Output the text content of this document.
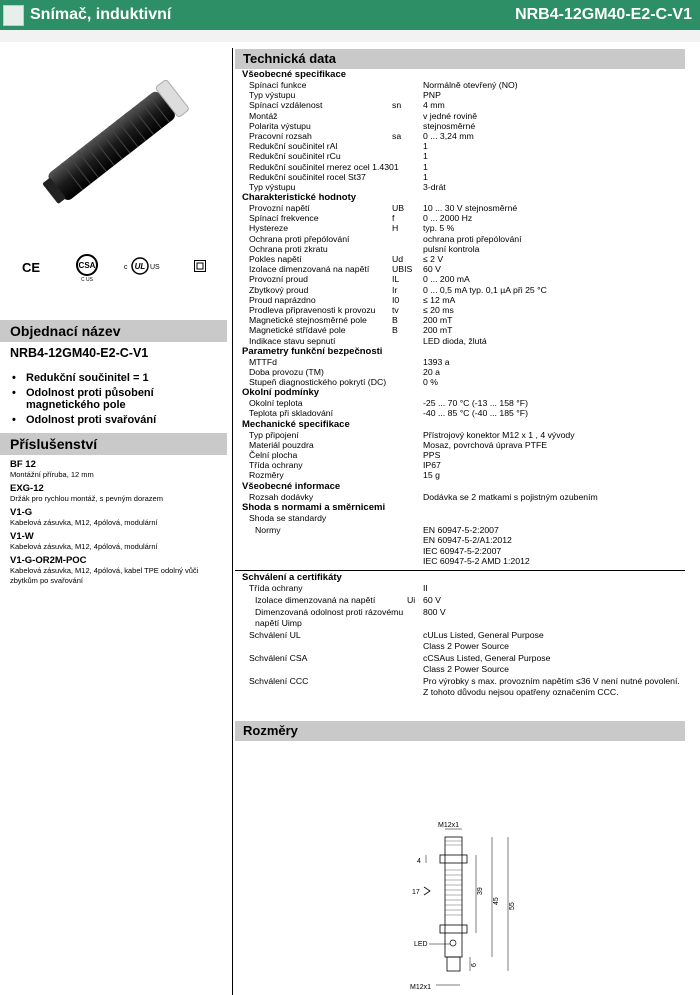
Snímač, induktivní	NRB4-12GM40-E2-C-V1
CE	CSA
C US
c UL US
Objednací název
NRB4-12GM40-E2-C-V1
• Redukční součinitel = 1
• Odolnost proti působení magnetického pole
• Odolnost proti svařování
Příslušenství
BF 12
Montážní příruba, 12 mm
EXG-12
Držák pro rychlou montáž, s pevným dorazem
V1-G
Kabelová zásuvka, M12, 4pólová, modulární
V1-W
Kabelová zásuvka, M12, 4pólová, modulární
V1-G-OR2M-POC
Kabelová zásuvka, M12, 4pólová, kabel TPE odolný vůči zbytkům po svařování
Technická data
Všeobecné specifikace
Spínací funkce	Normálně otevřený (NO)
Typ výstupu	PNP
Spínací vzdálenost	sn	4 mm
Montáž	v jedné rovině
Polarita výstupu	stejnosměrné
Pracovní rozsah	sa	0 ... 3,24 mm
Redukční součinitel rAl	1
Redukční součinitel rCu	1
Redukční součinitel rnerez ocel 1.4301	1
Redukční součinitel rocel St37	1
Typ výstupu	3-drát
Charakteristické hodnoty
Provozní napětí	UB 10 ... 30 V stejnosměrné
Spínací frekvence	f	0 ... 2000 Hz
Hystereze	H	typ. 5 %
Ochrana proti přepólování	ochrana proti přepólování
Ochrana proti zkratu	pulsní kontrola
Pokles napětí	Ud ≤ 2 V
Izolace dimenzovaná na napětí	UBIS 60 V
Provozní proud	IL	0 ... 200 mA
Zbytkový proud	Ir	0 ... 0,5 mA typ. 0,1 µA při 25 °C
Proud naprázdno	I0	≤ 12 mA
Prodleva připravenosti k provozu tv	≤ 20 ms
Magnetické stejnosměrné pole	B	200 mT
Magnetické střídavé pole	B	200 mT
Indikace stavu sepnutí	LED dioda, žlutá
Parametry funkční bezpečnosti
MTTFd	1393 a
Doba provozu (TM)	20 a
Stupeň diagnostického pokrytí (DC)	0 %
Okolní podmínky
Okolní teplota	-25 ... 70 °C (-13 ... 158 °F)
Teplota při skladování	-40 ... 85 °C (-40 ... 185 °F)
Mechanické specifikace
Typ připojení	Přístrojový konektor M12 x 1 , 4 vývody
Materiál pouzdra	Mosaz, povrchová úprava PTFE
Čelní plocha	PPS
Třída ochrany	IP67
Rozměry	15 g
Všeobecné informace
Rozsah dodávky	Dodávka se 2 matkami s pojistným ozubením
Shoda s normami a směrnicemi
Shoda se standardy
Normy	EN 60947-5-2:2007
EN 60947-5-2/A1:2012
IEC 60947-5-2:2007
IEC 60947-5-2 AMD 1:2012
Schválení a certifikáty
Třída ochrany	II
Izolace dimenzovaná na napětí	Ui 60 V
Dimenzovaná odolnost proti rázovému napětí Uimp
800 V
Schválení UL	cULus Listed, General Purpose
Class 2 Power Source
Schválení CSA	cCSAus Listed, General Purpose
Class 2 Power Source
Schválení CCC	Pro výrobky s max. provozním napětím ≤36 V není nutné povolení.
Z tohoto důvodu nejsou opatřeny označením CCC.
Rozměry
M12x1
4
17	39
45
55
LED
6
M12x1
